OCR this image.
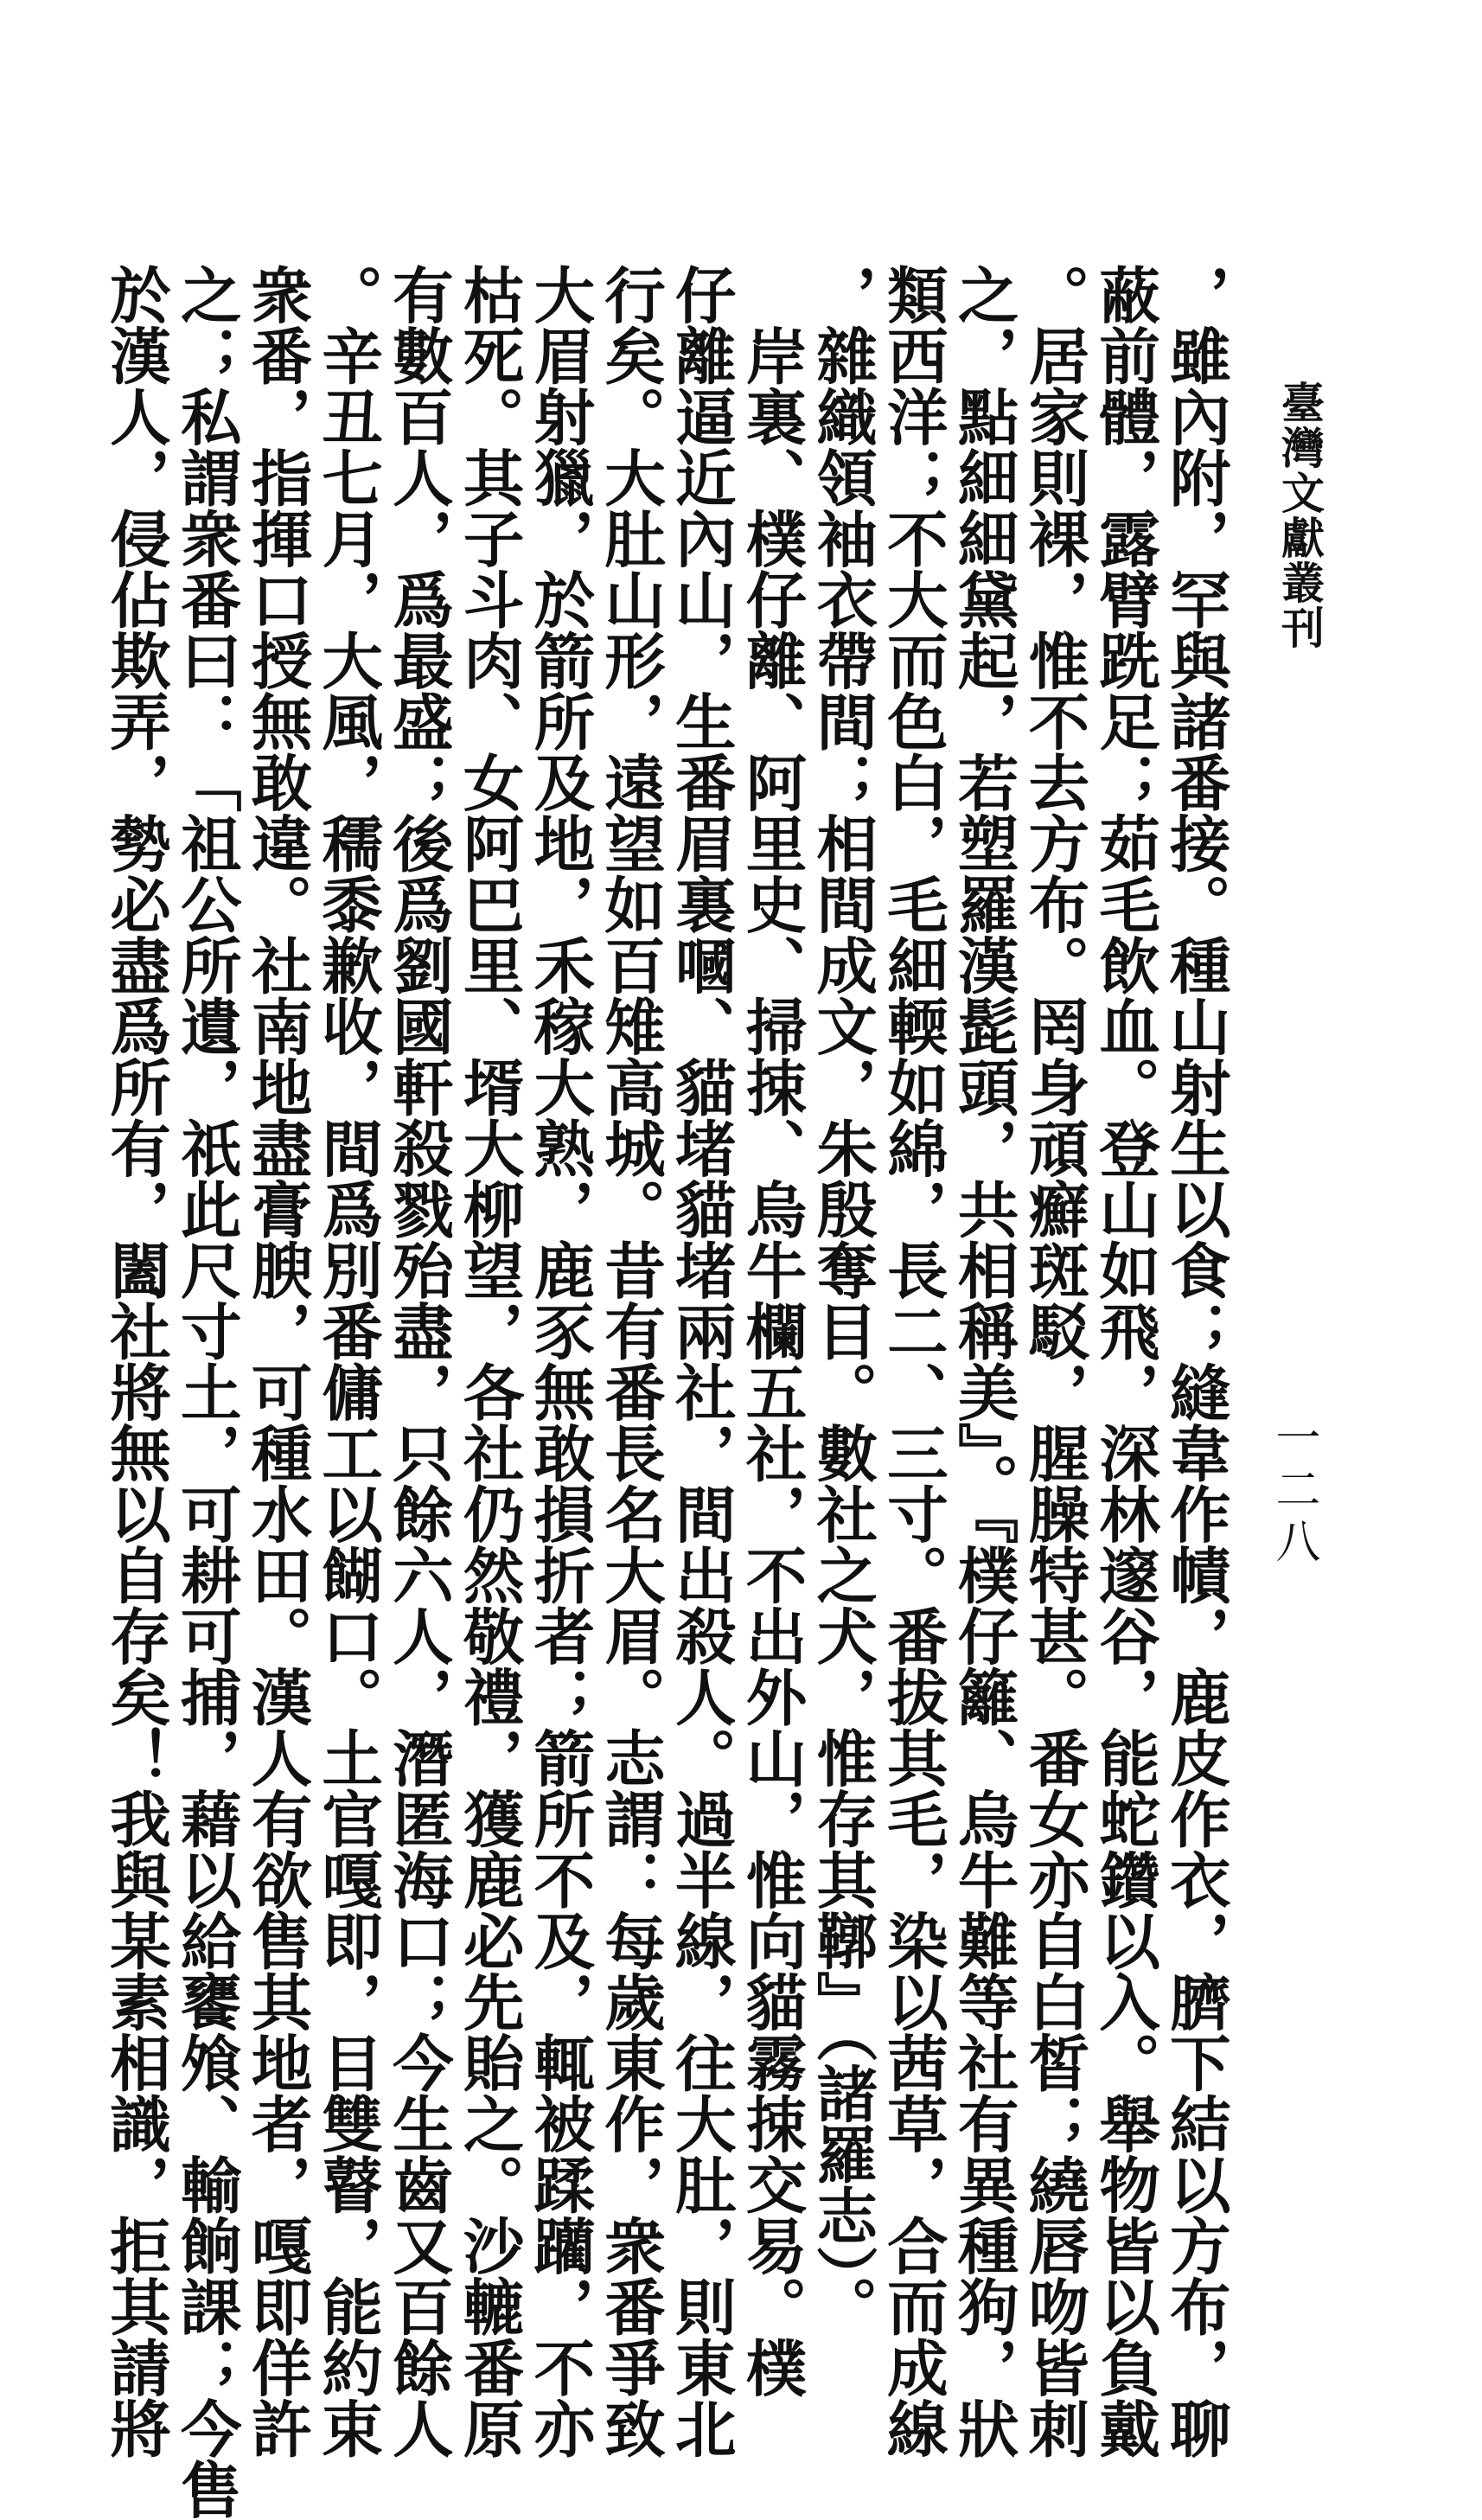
臺灣文獻叢刊
一二八
，雖內附，罕與諸番接。種山射生以食；縫韋作幘，鹿皮作衣，臍下結以方布，聊
蔽前體，露臂跣足；茹毛飲血。登山如飛，深林邃谷，能蛇鑽以入。舉物皆以負戴
。居家則裸，惟不去方布。罔身頑癬斑駁，腥臊特甚。番女亦自白皙；繞唇吻皆刺
之，點細細黛起，若塑羅漢髭頭，共相稱美』。『樸仔籬、烏牛難等社有異種狗，狀
類西洋；不大而色白，毛細輭如綿，長二、三寸。番拔其毛，染以茜草，合而成線
，雜織領袖衣帶間；相間成文，朱殷奪目。數社之犬，惟存其鞹』（諸羅志）。
　岸裏、樸仔離、阿里史、掃捒、烏牛欄五社，不出外山，惟向貓霧捒交易。樸
仔離逼近內山，生番眉裏嘓、貓堵貓堵兩社，間出殺人。過半線，往大肚，則東北
行矣。大肚山形，遠望如百雉高城。昔有番長名大眉。志謂：每歲東作，衆番爭致
大眉射獵，於箭所及地，禾稼大熟，鹿豕無敢損折者；箭所不及，輒被蹂躪，不亦
枯死。其子斗肉、女阿巴里、壻大柳望，各社仍然敬禮，獲鹿必先貽之。沙轆番原
有數百人，爲最盛；後爲劉國軒殺戮殆盡，只餘六人，潛匿海口；今生齒又百餘人
。辛丑七月，大風，穤黍歉收，間爲別番傭工以餬口。土官嘎即，目雙瞽，能約束
衆番，指揮口授無敢違。社南地盡膏腴，可種水田。漢人有欲售其地者，嘎即佯許
之；私謂衆番曰：「祖公所遺，祇此尺寸土，可耕可捕，藉以給饔飧、輸餉課；今售
於漢人，侵佔欺弄，勢必盡爲所有，闔社將無以自存矣！我與某素相識，拒其請將
